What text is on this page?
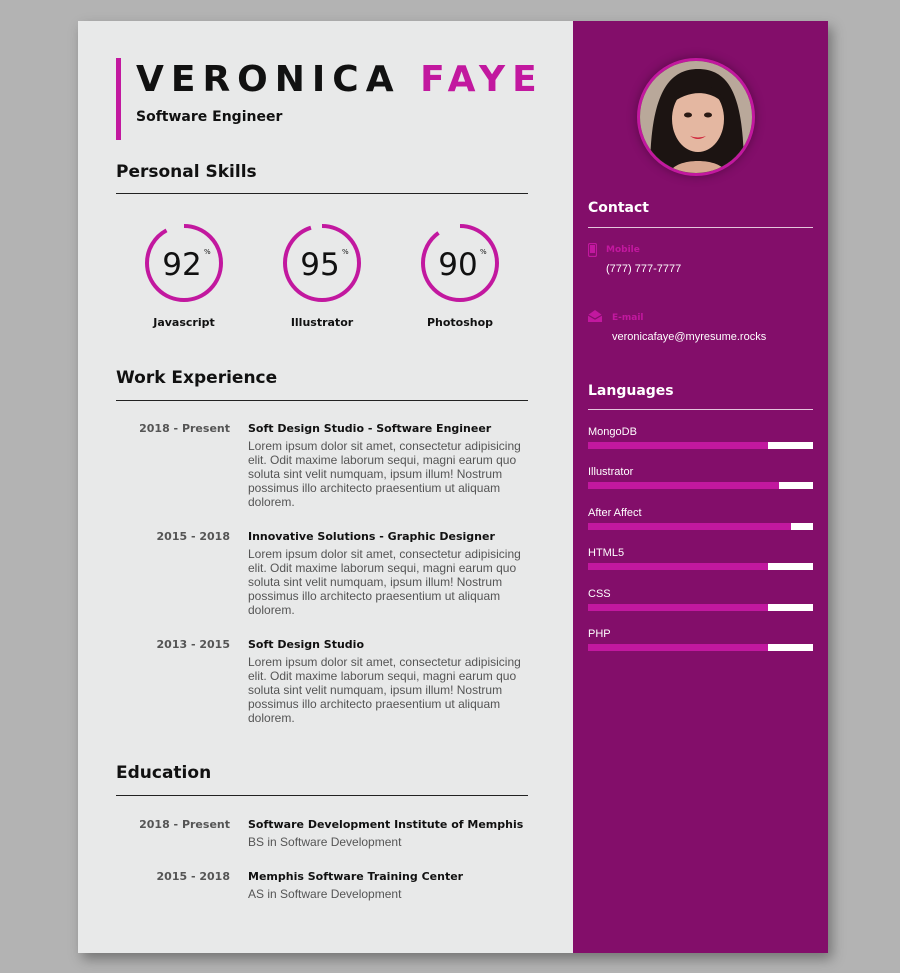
VERONICA FAYE
Software Engineer
Personal Skills
92 %
Javascript
95 %
Illustrator
90 %
Photoshop
Work Experience
2018 - Present Soft Design Studio - Software Engineer
Lorem ipsum dolor sit amet, consectetur adipisicing elit. Odit maxime laborum sequi, magni earum quo soluta sint velit numquam, ipsum illum! Nostrum possimus illo architecto praesentium ut aliquam dolorem.
2015 - 2018 Innovative Solutions - Graphic Designer
Lorem ipsum dolor sit amet, consectetur adipisicing elit. Odit maxime laborum sequi, magni earum quo soluta sint velit numquam, ipsum illum! Nostrum possimus illo architecto praesentium ut aliquam dolorem.
2013 - 2015 Soft Design Studio
Lorem ipsum dolor sit amet, consectetur adipisicing elit. Odit maxime laborum sequi, magni earum quo soluta sint velit numquam, ipsum illum! Nostrum possimus illo architecto praesentium ut aliquam dolorem.
Education
2018 - Present Software Development Institute of Memphis
BS in Software Development
2015 - 2018 Memphis Software Training Center
AS in Software Development
Contact
Mobile
(777) 777-7777
E-mail
veronicafaye@myresume.rocks
Languages
MongoDB
Illustrator
After Affect
HTML5
CSS
PHP
